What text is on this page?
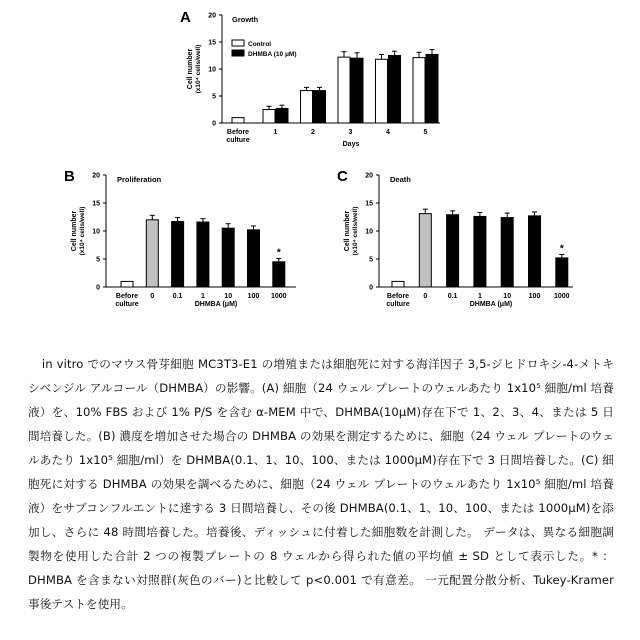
A	Growth
0
5
10
15
20
Cell number (x10⁴ cells/well)
Before
culture
1	2	3	4	5
Days
Control
DHMBA (10 μM)
B	Proliferation
0
5
10
15
20
Cell number (x10⁴ cells/well)
Before
culture
0	0.1	1	10 100
*
1000
DHMBA (μM)
C	Death
0
5
10
15
20
Cell number (x10⁴ cells/well)
Before
culture
0	0.1	1	10	100
*
1000
DHMBA (μM)

in vitro でのマウス骨芽細胞 MC3T3-E1 の増殖または細胞死に対する海洋因子 3,5-ジヒドロキシ-4-メトキシベンジル アルコール（DHMBA）の影響。(A) 細胞（24 ウェル プレートのウェルあたり 1x10⁵ 細胞/ml 培養液）を、10% FBS および 1% P/S を含む α-MEM 中で、DHMBA(10μM)存在下で 1、2、3、4、または 5 日間培養した。(B) 濃度を増加させた場合の DHMBA の効果を測定するために、細胞（24 ウェル プレートのウェルあたり 1x10⁵ 細胞/ml）を DHMBA(0.1、1、10、100、または 1000μM)存在下で 3 日間培養した。(C) 細胞死に対する DHMBA の効果を調べるために、細胞（24 ウェル プレートのウェルあたり 1x10⁵ 細胞/ml 培養液）をサブコンフルエントに達する 3 日間培養し、その後 DHMBA(0.1、1、10、100、または 1000μM)を添加し、さらに 48 時間培養した。培養後、ディッシュに付着した細胞数を計測した。 データは、異なる細胞調製物を使用した合計 2 つの複製プレートの 8 ウェルから得られた値の平均値 ± SD として表示した。* ： DHMBA を含まない対照群(灰色のバー)と比較して p<0.001 で有意差。 一元配置分散分析、Tukey-Kramer 事後テストを使用。
